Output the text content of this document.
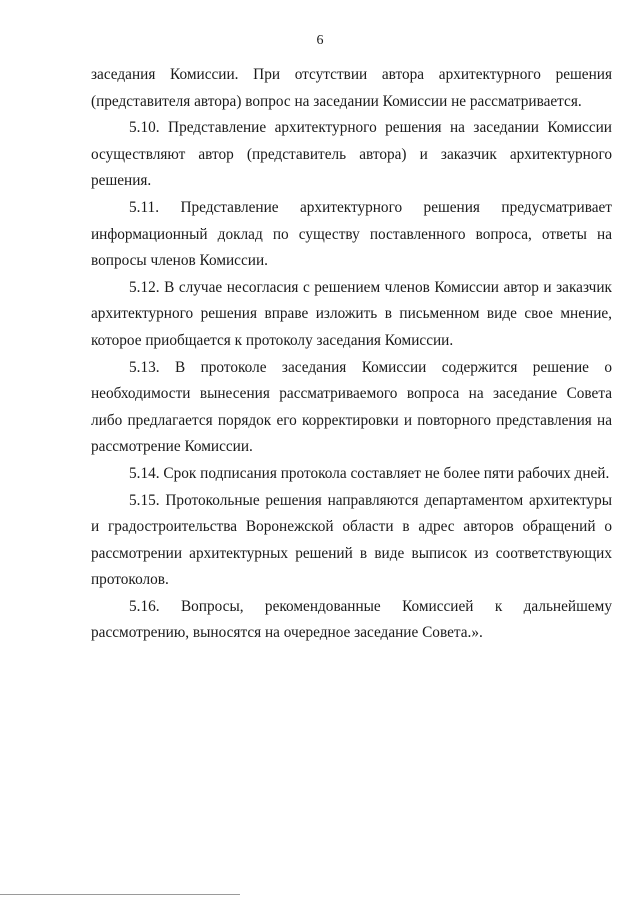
6

заседания Комиссии. При отсутствии автора архитектурного решения (представителя автора) вопрос на заседании Комиссии не рассматривается.

5.10. Представление архитектурного решения на заседании Комиссии осуществляют автор (представитель автора) и заказчик архитектурного решения.

5.11. Представление архитектурного решения предусматривает информационный доклад по существу поставленного вопроса, ответы на вопросы членов Комиссии.

5.12. В случае несогласия с решением членов Комиссии автор и заказчик архитектурного решения вправе изложить в письменном виде свое мнение, которое приобщается к протоколу заседания Комиссии.

5.13. В протоколе заседания Комиссии содержится решение о необходимости вынесения рассматриваемого вопроса на заседание Совета либо предлагается порядок его корректировки и повторного представления на рассмотрение Комиссии.

5.14. Срок подписания протокола составляет не более пяти рабочих дней.

5.15. Протокольные решения направляются департаментом архитектуры и градостроительства Воронежской области в адрес авторов обращений о рассмотрении архитектурных решений в виде выписок из соответствующих протоколов.

5.16. Вопросы, рекомендованные Комиссией к дальнейшему рассмотрению, выносятся на очередное заседание Совета.».
